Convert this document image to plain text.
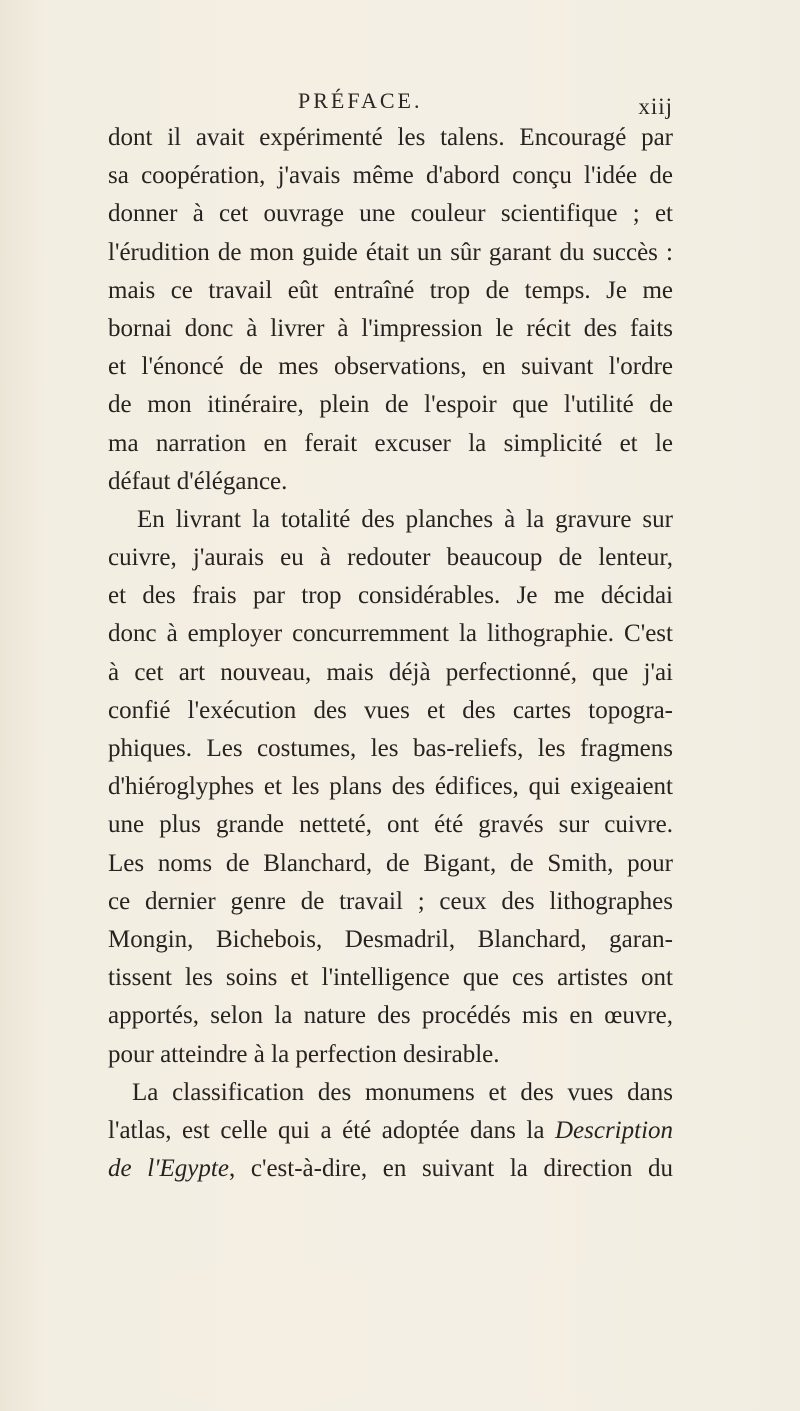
PRÉFACE.	xiij
dont il avait expérimenté les talens. Encouragé par
sa coopération, j'avais même d'abord conçu l'idée de
donner à cet ouvrage une couleur scientifique ; et
l'érudition de mon guide était un sûr garant du succès :
mais ce travail eût entraîné trop de temps. Je me
bornai donc à livrer à l'impression le récit des faits
et l'énoncé de mes observations, en suivant l'ordre
de mon itinéraire, plein de l'espoir que l'utilité de
ma narration en ferait excuser la simplicité et le
défaut d'élégance.
En livrant la totalité des planches à la gravure sur
cuivre, j'aurais eu à redouter beaucoup de lenteur,
et des frais par trop considérables. Je me décidai
donc à employer concurremment la lithographie. C'est
à cet art nouveau, mais déjà perfectionné, que j'ai
confié l'exécution des vues et des cartes topogra-
phiques. Les costumes, les bas-reliefs, les fragmens
d'hiéroglyphes et les plans des édifices, qui exigeaient
une plus grande netteté, ont été gravés sur cuivre.
Les noms de Blanchard, de Bigant, de Smith, pour
ce dernier genre de travail ; ceux des lithographes
Mongin, Bichebois, Desmadril, Blanchard, garan-
tissent les soins et l'intelligence que ces artistes ont
apportés, selon la nature des procédés mis en œuvre,
pour atteindre à la perfection desirable.
La classification des monumens et des vues dans
l'atlas, est celle qui a été adoptée dans la Description
de l'Egypte, c'est-à-dire, en suivant la direction du
